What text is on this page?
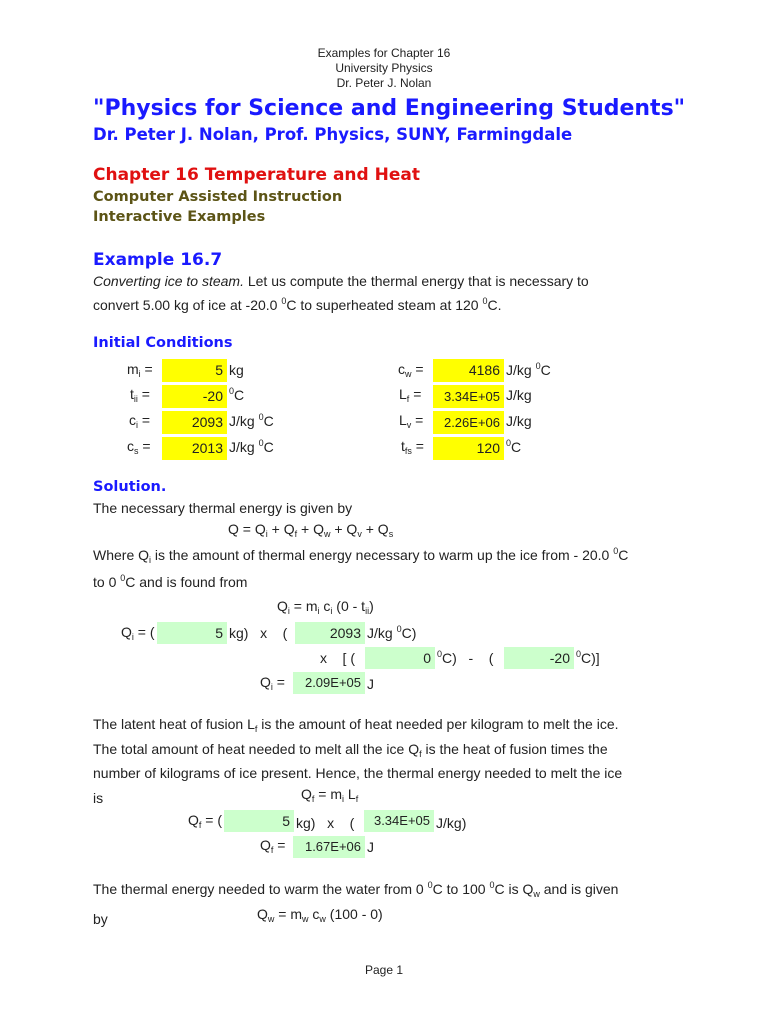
Examples for Chapter 16
University Physics
Dr. Peter J. Nolan
"Physics for Science and Engineering Students"
Dr. Peter J. Nolan, Prof. Physics, SUNY, Farmingdale
Chapter 16 Temperature and Heat
Computer Assisted Instruction
Interactive Examples
Example 16.7
Converting ice to steam. Let us compute the thermal energy that is necessary to
convert 5.00 kg of ice at -20.0 $^0$C to superheated steam at 120 $^0$C.
Initial Conditions
$m_i$ =	5 kg
$t_{ii}$ =	-20 $^0$C
$c_i$ =	2093 J/kg $^0$C
$c_s$ =	2013 J/kg $^0$C
$c_w$ =	4186 J/kg $^0$C
$L_f$ =	3.34E+05 J/kg
$L_v$ =	2.26E+06 J/kg
$t_{fs}$ =	120 $^0$C
Solution.
The necessary thermal energy is given by
$Q = Q_i + Q_f + Q_w + Q_v + Q_s$
Where $Q_i$ is the amount of thermal energy necessary to warm up the ice from - 20.0 $^0$C
to 0 $^0$C and is found from
$Q_i = m_i$ $c_i$ $(0 - t_{ii})$
$Q_i$ = (	5 kg)   x    (	2093 J/kg $^0$C)
x    [ (	0 $^0$C)   -    (	-20 $^0$C)]
$Q_i$ =	2.09E+05 J
The latent heat of fusion $L_f$ is the amount of heat needed per kilogram to melt the ice.
The total amount of heat needed to melt all the ice $Q_f$ is the heat of fusion times the
number of kilograms of ice present. Hence, the thermal energy needed to melt the ice
is	$Q_f = m_i$ $L_f$
$Q_f$ = (	5 kg)   x    (	3.34E+05 J/kg)
$Q_f$ =	1.67E+06 J
The thermal energy needed to warm the water from 0 $^0$C to 100 $^0$C is $Q_w$ and is given
by	$Q_w = m_w$ $c_w$ (100 - 0)
Page 1
